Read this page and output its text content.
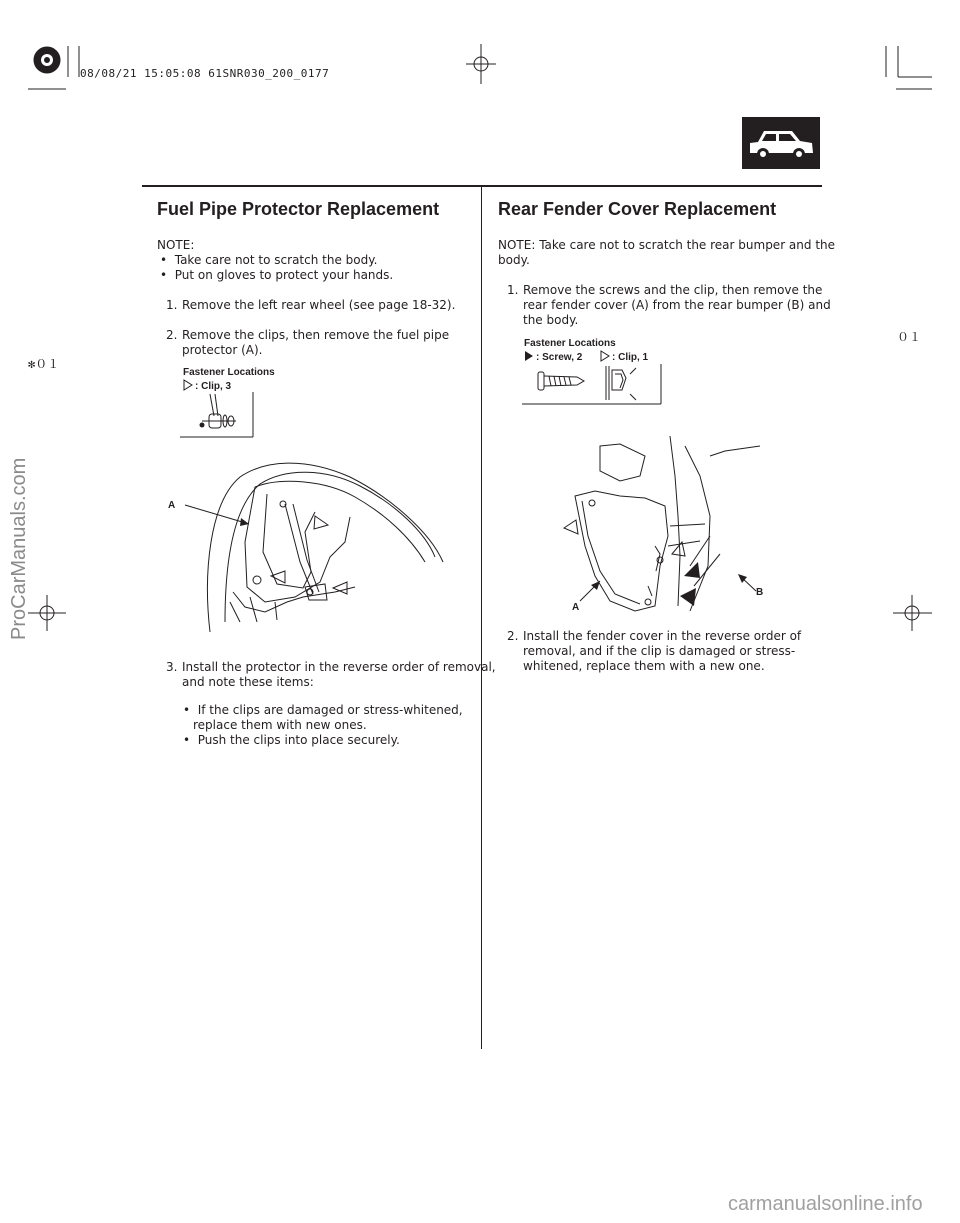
08/08/21 15:05:08 61SNR030_200_0177
✻０１
０１
Fuel Pipe Protector Replacement
NOTE:
•  Take care not to scratch the body.
•  Put on gloves to protect your hands.
1. Remove the left rear wheel (see page 18-32).
2. Remove the clips, then remove the fuel pipe
protector (A).
Fastener Locations
: Clip, 3
A
3. Install the protector in the reverse order of removal,
and note these items:
•  If the clips are damaged or stress-whitened,
replace them with new ones.
•  Push the clips into place securely.
Rear Fender Cover Replacement
NOTE: Take care not to scratch the rear bumper and the
body.
1. Remove the screws and the clip, then remove the
rear fender cover (A) from the rear bumper (B) and
the body.
Fastener Locations
: Screw, 2	: Clip, 1
A
B
2. Install the fender cover in the reverse order of
removal, and if the clip is damaged or stress-
whitened, replace them with a new one.
ProCarManuals.com
carmanualsonline.info
